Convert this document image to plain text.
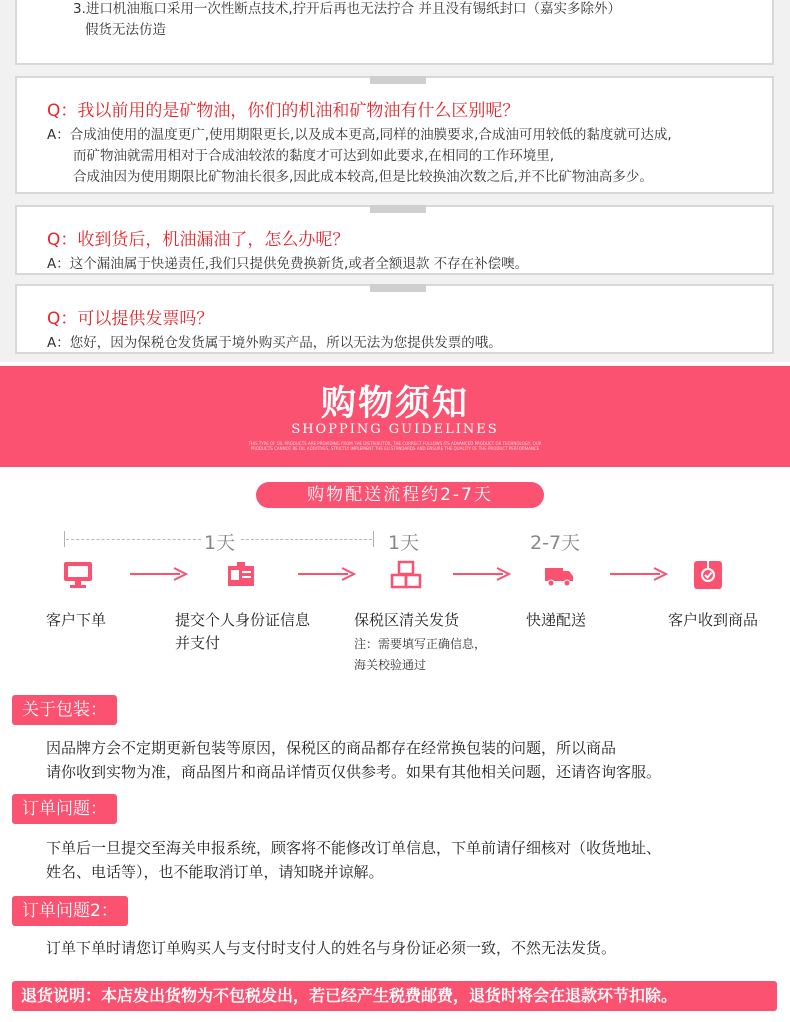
3.进口机油瓶口采用一次性断点技术,拧开后再也无法拧合 并且没有锡纸封口（嘉实多除外）
假货无法仿造
Q：我以前用的是矿物油，你们的机油和矿物油有什么区别呢？
A：合成油使用的温度更广,使用期限更长,以及成本更高,同样的油膜要求,合成油可用较低的黏度就可达成,
而矿物油就需用相对于合成油较浓的黏度才可达到如此要求,在相同的工作环境里,
合成油因为使用期限比矿物油长很多,因此成本较高,但是比较换油次数之后,并不比矿物油高多少。
Q：收到货后，机油漏油了，怎么办呢？
A：这个漏油属于快递责任,我们只提供免费换新货,或者全额退款 不存在补偿噢。
Q：可以提供发票吗？
A：您好，因为保税仓发货属于境外购买产品，所以无法为您提供发票的哦。
购物须知
SHOPPING GUIDELINES
THIS TYPE OF OIL PRODUCTS ARE PROVIDING FROM THE DISTRIBUTOR, THE CORRECT FOLLOWS ITS ADVANCED PRODUCT OR TECHNOLOGY, OUR PRODUCTS CANNOT BE OIL ADDITIVES, STRICTLY IMPLEMENT THE EU STANDARDS AND ENSURE THE QUALITY OF THE PRODUCT PERFORMANCE
购物配送流程约2-7天
1天	1天	2-7天
客户下单	提交个人身份证信息
并支付
保税区清关发货
注：需要填写正确信息，
海关校验通过
快递配送	客户收到商品
关于包装：
因品牌方会不定期更新包装等原因，保税区的商品都存在经常换包装的问题，所以商品
请你收到实物为准，商品图片和商品详情页仅供参考。如果有其他相关问题，还请咨询客服。
订单问题：
下单后一旦提交至海关申报系统，顾客将不能修改订单信息，下单前请仔细核对（收货地址、
姓名、电话等），也不能取消订单，请知晓并谅解。
订单问题2：
订单下单时请您订单购买人与支付时支付人的姓名与身份证必须一致，不然无法发货。
退货说明：本店发出货物为不包税发出，若已经产生税费邮费，退货时将会在退款环节扣除。
